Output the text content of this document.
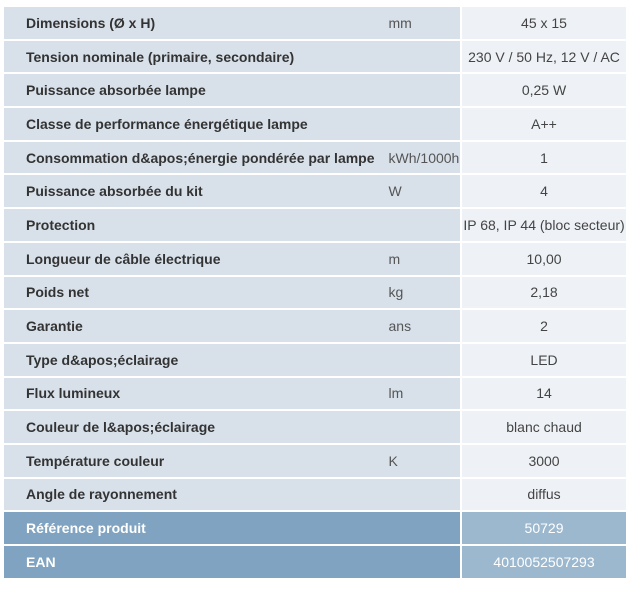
Dimensions (Ø x H)	mm	45 x 15
Tension nominale (primaire, secondaire)		230 V / 50 Hz, 12 V / AC
Puissance absorbée lampe		0,25 W
Classe de performance énergétique lampe		A++
Consommation d&apos;énergie pondérée par lampe	kWh/1000h	1
Puissance absorbée du kit	W	4
Protection		IP 68, IP 44 (bloc secteur)
Longueur de câble électrique	m	10,00
Poids net	kg	2,18
Garantie	ans	2
Type d&apos;éclairage		LED
Flux lumineux	lm	14
Couleur de l&apos;éclairage		blanc chaud
Température couleur	K	3000
Angle de rayonnement		diffus
Référence produit		50729
EAN		4010052507293
